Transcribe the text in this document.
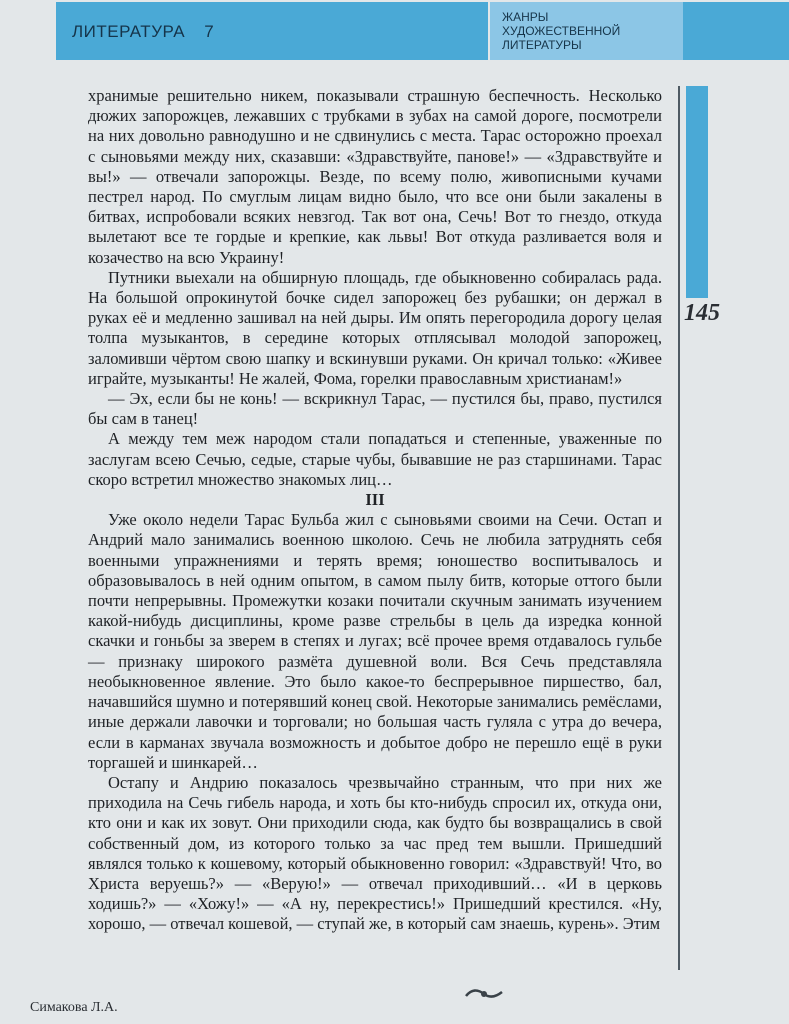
ЛИТЕРАТУРА 7
ЖАНРЫ
ХУДОЖЕСТВЕННОЙ
ЛИТЕРАТУРЫ
145

хранимые решительно никем, показывали страшную беспечность. Несколько дюжих запорожцев, лежавших с трубками в зубах на самой дороге, посмотрели на них довольно равнодушно и не сдвинулись с места. Тарас осторожно проехал с сыновьями между них, сказавши: «Здравствуйте, панове!» — «Здравствуйте и вы!» — отвечали запорожцы. Везде, по всему полю, живописными кучами пестрел народ. По смуглым лицам видно было, что все они были закалены в битвах, испробовали всяких невзгод. Так вот она, Сечь! Вот то гнездо, откуда вылетают все те гордые и крепкие, как львы! Вот откуда разливается воля и козачество на всю Украину!

Путники выехали на обширную площадь, где обыкновенно собиралась рада. На большой опрокинутой бочке сидел запорожец без рубашки; он держал в руках её и медленно зашивал на ней дыры. Им опять перегородила дорогу целая толпа музыкантов, в середине которых отплясывал молодой запорожец, заломивши чёртом свою шапку и вскинувши руками. Он кричал только: «Живее играйте, музыканты! Не жалей, Фома, горелки православным христианам!»

— Эх, если бы не конь! — вскрикнул Тарас, — пустился бы, право, пустился бы сам в танец!

А между тем меж народом стали попадаться и степенные, уваженные по заслугам всею Сечью, седые, старые чубы, бывавшие не раз старшинами. Тарас скоро встретил множество знакомых лиц…

III

Уже около недели Тарас Бульба жил с сыновьями своими на Сечи. Остап и Андрий мало занимались военною школою. Сечь не любила затруднять себя военными упражнениями и терять время; юношество воспитывалось и образовывалось в ней одним опытом, в самом пылу битв, которые оттого были почти непрерывны. Промежутки козаки почитали скучным занимать изучением какой-нибудь дисциплины, кроме разве стрельбы в цель да изредка конной скачки и гоньбы за зверем в степях и лугах; всё прочее время отдавалось гульбе — признаку широкого размёта душевной воли. Вся Сечь представляла необыкновенное явление. Это было какое-то беспрерывное пиршество, бал, начавшийся шумно и потерявший конец свой. Некоторые занимались ремёслами, иные держали лавочки и торговали; но большая часть гуляла с утра до вечера, если в карманах звучала возможность и добытое добро не перешло ещё в руки торгашей и шинкарей…

Остапу и Андрию показалось чрезвычайно странным, что при них же приходила на Сечь гибель народа, и хоть бы кто-нибудь спросил их, откуда они, кто они и как их зовут. Они приходили сюда, как будто бы возвращались в свой собственный дом, из которого только за час пред тем вышли. Пришедший являлся только к кошевому, который обыкновенно говорил: «Здравствуй! Что, во Христа веруешь?» — «Верую!» — отвечал приходивший… «И в церковь ходишь?» — «Хожу!» — «А ну, перекрестись!» Пришедший крестился. «Ну, хорошо, — отвечал кошевой, — ступай же, в который сам знаешь, курень». Этим

Симакова Л.А.
